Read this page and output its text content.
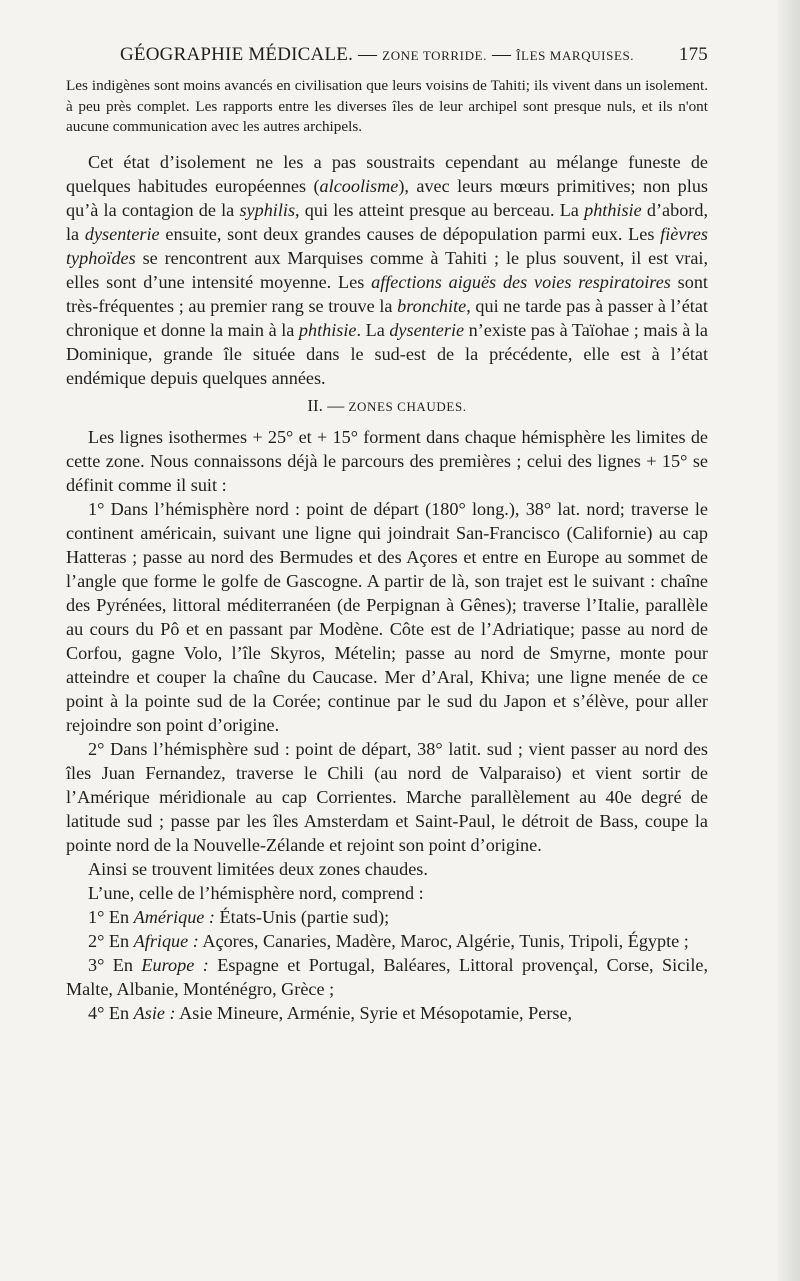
GÉOGRAPHIE MÉDICALE. — ZONE TORRIDE. — ÎLES MARQUISES. 175
Les indigènes sont moins avancés en civilisation que leurs voisins de Tahiti; ils vivent dans un isolement. à peu près complet. Les rapports entre les diverses îles de leur archipel sont presque nuls, et ils n'ont aucune communication avec les autres archipels.

Cet état d’isolement ne les a pas soustraits cependant au mélange funeste de quelques habitudes européennes (alcoolisme), avec leurs mœurs primitives; non plus qu’à la contagion de la syphilis, qui les atteint presque au berceau. La phthisie d’abord, la dysenterie ensuite, sont deux grandes causes de dépopulation parmi eux. Les fièvres typhoïdes se rencontrent aux Marquises comme à Tahiti ; le plus souvent, il est vrai, elles sont d’une intensité moyenne. Les affections aiguës des voies respiratoires sont très-fréquentes ; au premier rang se trouve la bronchite, qui ne tarde pas à passer à l’état chronique et donne la main à la phthisie. La dysenterie n’existe pas à Taïohae ; mais à la Dominique, grande île située dans le sud-est de la précédente, elle est à l’état endémique depuis quelques années.

II. — ZONES CHAUDES.

Les lignes isothermes + 25° et + 15° forment dans chaque hémisphère les limites de cette zone. Nous connaissons déjà le parcours des premières ; celui des lignes + 15° se définit comme il suit :

1° Dans l’hémisphère nord : point de départ (180° long.), 38° lat. nord; traverse le continent américain, suivant une ligne qui joindrait San-Francisco (Californie) au cap Hatteras ; passe au nord des Bermudes et des Açores et entre en Europe au sommet de l’angle que forme le golfe de Gascogne. A partir de là, son trajet est le suivant : chaîne des Pyrénées, littoral méditerranéen (de Perpignan à Gênes); traverse l’Italie, parallèle au cours du Pô et en passant par Modène. Côte est de l’Adriatique; passe au nord de Corfou, gagne Volo, l’île Skyros, Mételin; passe au nord de Smyrne, monte pour atteindre et couper la chaîne du Caucase. Mer d’Aral, Khiva; une ligne menée de ce point à la pointe sud de la Corée; continue par le sud du Japon et s’élève, pour aller rejoindre son point d’origine.

2° Dans l’hémisphère sud : point de départ, 38° latit. sud ; vient passer au nord des îles Juan Fernandez, traverse le Chili (au nord de Valparaiso) et vient sortir de l’Amérique méridionale au cap Corrientes. Marche parallèlement au 40e degré de latitude sud ; passe par les îles Amsterdam et Saint-Paul, le détroit de Bass, coupe la pointe nord de la Nouvelle-Zélande et rejoint son point d’origine.

Ainsi se trouvent limitées deux zones chaudes.

L’une, celle de l’hémisphère nord, comprend :

1° En Amérique : États-Unis (partie sud);

2° En Afrique : Açores, Canaries, Madère, Maroc, Algérie, Tunis, Tripoli, Égypte ;

3° En Europe : Espagne et Portugal, Baléares, Littoral provençal, Corse, Sicile, Malte, Albanie, Monténégro, Grèce ;

4° En Asie : Asie Mineure, Arménie, Syrie et Mésopotamie, Perse,
